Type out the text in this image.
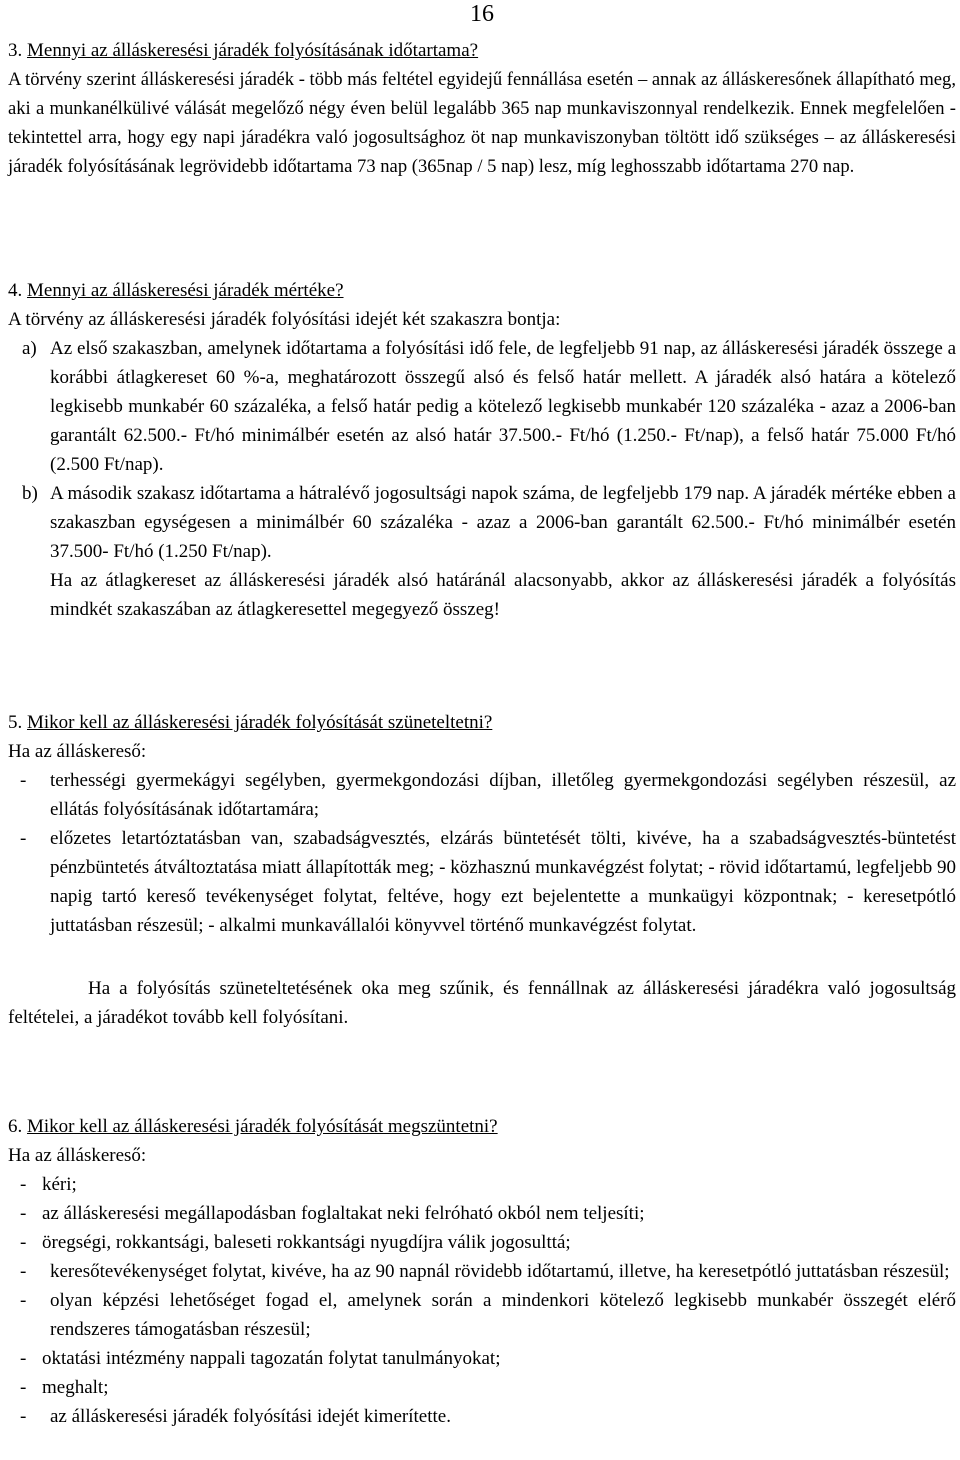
16
3. Mennyi az álláskeresési járadék folyósításának időtartama?

A törvény szerint álláskeresési járadék - több más feltétel egyidejű fennállása esetén – annak az álláskeresőnek állapítható meg, aki a munkanélkülivé válását megelőző négy éven belül legalább 365 nap munkaviszonnyal rendelkezik. Ennek megfelelően - tekintettel arra, hogy egy napi járadékra való jogosultsághoz öt nap munkaviszonyban töltött idő szükséges – az álláskeresési járadék folyósításának legrövidebb időtartama 73 nap (365nap / 5 nap) lesz, míg leghosszabb időtartama 270 nap.

4. Mennyi az álláskeresési járadék mértéke?
A törvény az álláskeresési járadék folyósítási idejét két szakaszra bontja:
a) Az első szakaszban, amelynek időtartama a folyósítási idő fele, de legfeljebb 91 nap, az álláskeresési járadék összege a korábbi átlagkereset 60 %-a, meghatározott összegű alsó és felső határ mellett. A járadék alsó határa a kötelező legkisebb munkabér 60 százaléka, a felső határ pedig a kötelező legkisebb munkabér 120 százaléka - azaz a 2006-ban garantált 62.500.- Ft/hó minimálbér esetén az alsó határ 37.500.- Ft/hó (1.250.- Ft/nap), a felső határ 75.000 Ft/hó (2.500 Ft/nap).
b) A második szakasz időtartama a hátralévő jogosultsági napok száma, de legfeljebb 179 nap. A járadék mértéke ebben a szakaszban egységesen a minimálbér 60 százaléka - azaz a 2006-ban garantált 62.500.- Ft/hó minimálbér esetén 37.500- Ft/hó (1.250 Ft/nap).
Ha az átlagkereset az álláskeresési járadék alsó határánál alacsonyabb, akkor az álláskeresési járadék a folyósítás mindkét szakaszában az átlagkeresettel megegyező összeg!
5. Mikor kell az álláskeresési járadék folyósítását szüneteltetni?
Ha az álláskereső:
-	terhességi gyermekágyi segélyben, gyermekgondozási díjban, illetőleg gyermekgondozási segélyben részesül, az ellátás folyósításának időtartamára;
-	előzetes letartóztatásban van, szabadságvesztés, elzárás büntetését tölti, kivéve, ha a szabadságvesztés-büntetést pénzbüntetés átváltoztatása miatt állapították meg; - közhasznú munkavégzést folytat; - rövid időtartamú, legfeljebb 90 napig tartó kereső tevékenységet folytat, feltéve, hogy ezt bejelentette a munkaügyi központnak; - keresetpótló juttatásban részesül; - alkalmi munkavállalói könyvvel történő munkavégzést folytat.

Ha a folyósítás szüneteltetésének oka meg szűnik, és fennállnak az álláskeresési járadékra való jogosultság feltételei, a járadékot tovább kell folyósítani.

6. Mikor kell az álláskeresési járadék folyósítását megszüntetni?
Ha az álláskereső:
- kéri;
- az álláskeresési megállapodásban foglaltakat neki felróható okból nem teljesíti;
- öregségi, rokkantsági, baleseti rokkantsági nyugdíjra válik jogosulttá;
-	keresőtevékenységet folytat, kivéve, ha az 90 napnál rövidebb időtartamú, illetve, ha keresetpótló juttatásban részesül;
-	olyan képzési lehetőséget fogad el, amelynek során a mindenkori kötelező legkisebb munkabér összegét elérő rendszeres támogatásban részesül;
- oktatási intézmény nappali tagozatán folytat tanulmányokat;
- meghalt;
-	az álláskeresési járadék folyósítási idejét kimerítette.
